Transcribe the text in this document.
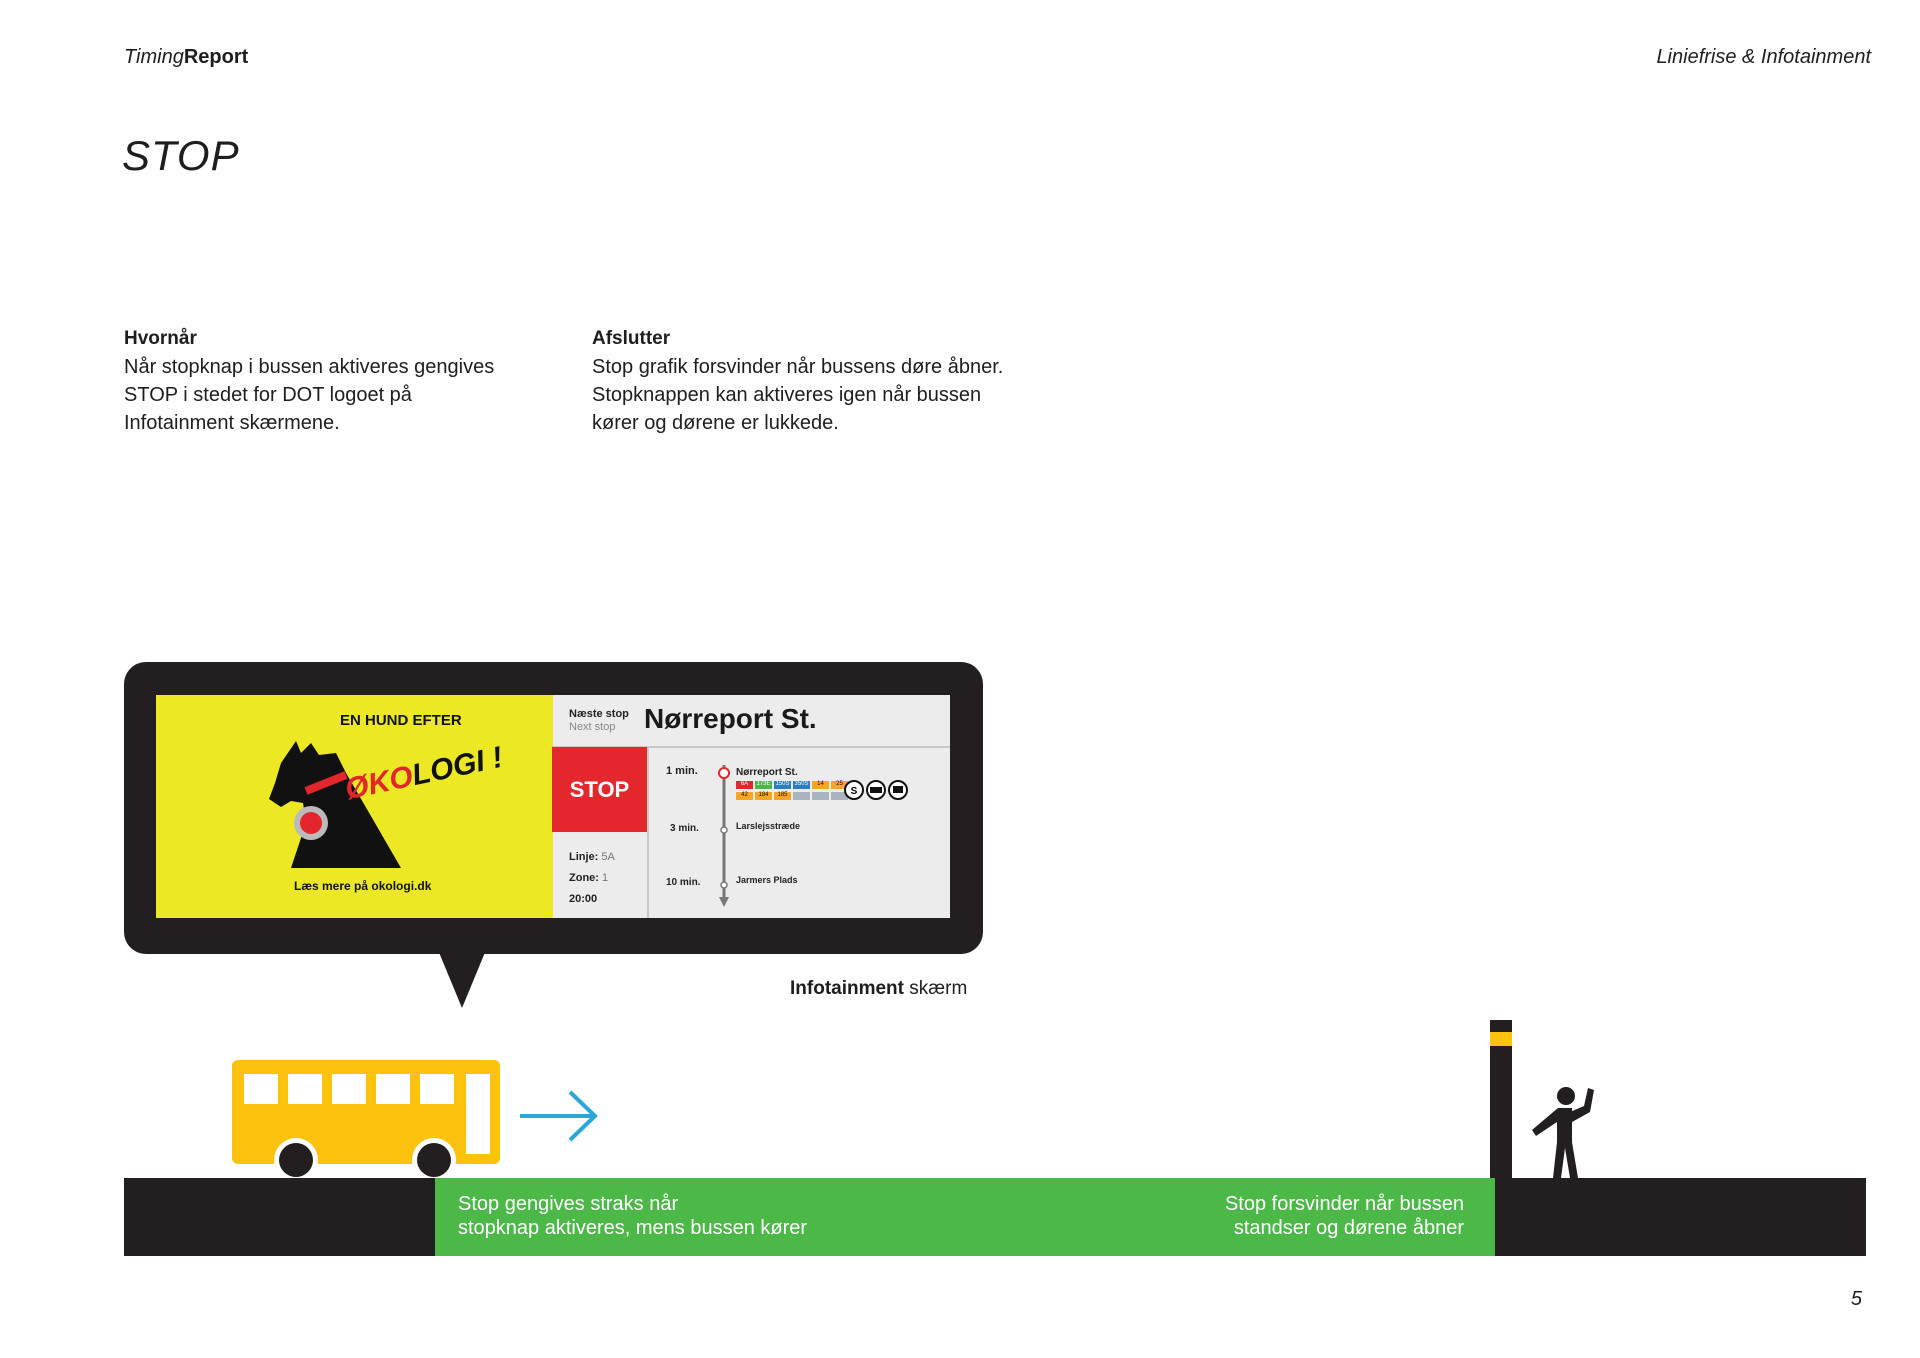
TimingReport	Liniefrise & Infotainment
STOP
Hvornår

Når stopknap i bussen aktiveres gengives

STOP i stedet for DOT logoet på

Infotainment skærmene.

Afslutter

Stop grafik forsvinder når bussens døre åbner.

Stopknappen kan aktiveres igen når bussen

kører og dørene er lukkede.

EN HUND EFTER
ØKOLOGI !
Læs mere på okologi.dk
Næste stop
Next stop	Nørreport St.
STOP
Linje: 5A
Zone: 1
20:00
1 min.	Nørreport St.
3 min.	Larslejsstræde
10 min.	Jarmers Plads
6A	173E 150S 350S	14	25
42	184	185	S
Infotainment skærm
Stop gengives straks når
stopknap aktiveres, mens bussen kører
Stop forsvinder når bussen
standser og dørene åbner
5
